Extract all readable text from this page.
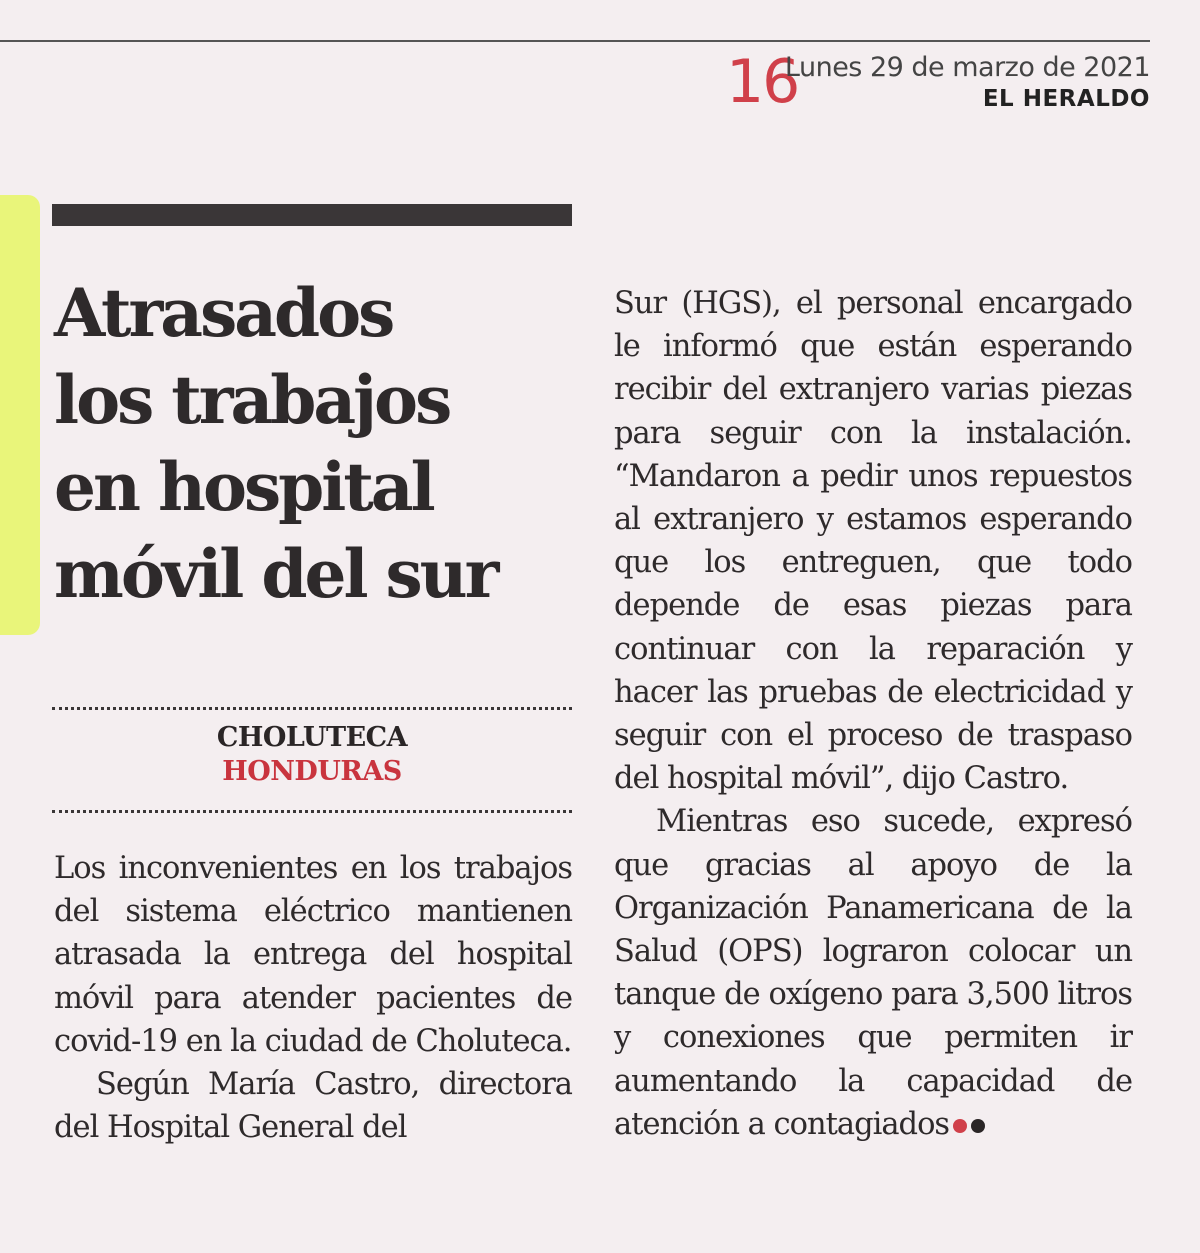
16
Lunes 29 de marzo de 2021
EL HERALDO
Atrasados
los trabajos
en hospital
móvil del sur
CHOLUTECA
HONDURAS

Los inconvenientes en los trabajos del sistema eléctrico mantienen atrasada la entrega del hospital móvil para atender pacientes de covid-19 en la ciudad de Choluteca.

Según María Castro, directora del Hospital General del

Sur (HGS), el personal encargado le informó que están esperando recibir del extranjero varias piezas para seguir con la instalación. “Mandaron a pedir unos repuestos al extranjero y estamos esperando que los entreguen, que todo depende de esas piezas para continuar con la reparación y hacer las pruebas de electricidad y seguir con el proceso de traspaso del hospital móvil”, dijo Castro.

Mientras eso sucede, expresó que gracias al apoyo de la Organización Panamericana de la Salud (OPS) lograron colocar un tanque de oxígeno para 3,500 litros y conexiones que permiten ir aumentando la capacidad de atención a contagiados
